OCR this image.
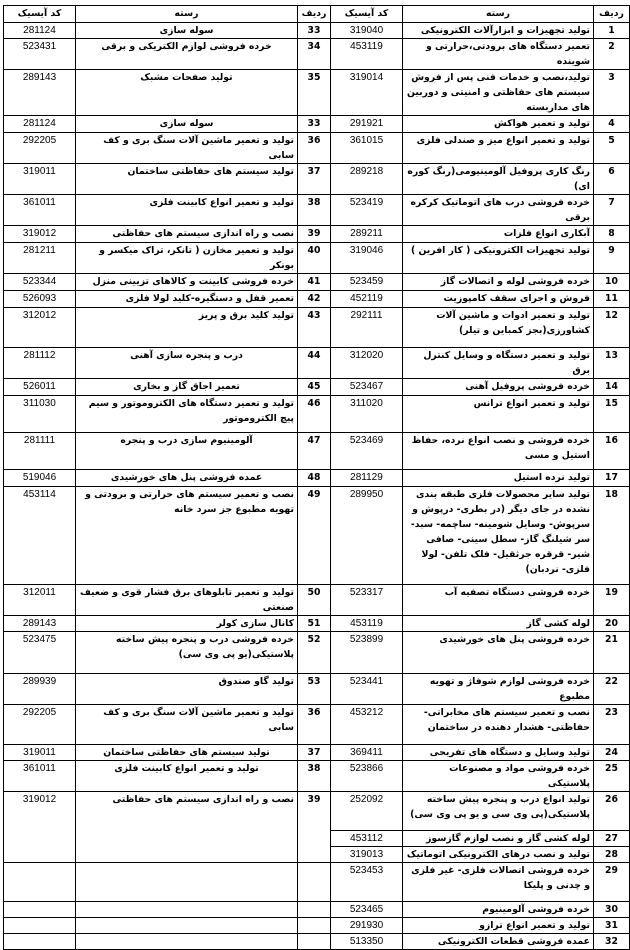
کد آیسیک	رسته	ردیف	کد آیسیک	رسته	ردیف
281124	سوله سازی	33	319040	تولید تجهیزات و ابزارآلات الکترونیکی	1
523431	خرده فروشی لوازم الکتریکی و برقی	34	453119	تعمیر دستگاه های برودتی،حرارتی و شوینده	2
289143	تولید صفحات مشبک	35	319014	تولید،نصب و خدمات فنی پس از فروش سیستم های حفاظتی و امنیتی و دوربین های مداربسته	3
281124	سوله سازی	33	291921	تولید و تعمیر هواکش	4
292205	تولید و تعمیر ماشین آلات سنگ بری و کف سابی	36	361015	تولید و تعمیر انواع میز و صندلی فلزی	5
319011	تولید سیستم های حفاظتی ساختمان	37	289218	رنگ کاری پروفیل آلومینیومی(رنگ کوره ای)	6
361011	تولید و تعمیر انواع کابینت فلزی	38	523419	خرده فروشی درب های اتوماتیک کرکره برقی	7
319012	نصب و راه اندازی سیستم های حفاظتی	39	289211	آبکاری انواع فلزات	8
281211	تولید و تعمیر مخازن ( تانکر، تراک میکسر و بونکر	40	319046	تولید تجهیزات الکترونیکی ( کار افرین )	9
523344	خرده فروشی کابینت و کالاهای تزیینی منزل	41	523459	خرده فروشی لوله و اتصالات گاز	10
526093	تعمیر قفل و دستگیره-کلید لولا فلزی	42	452119	فروش و اجرای سقف کامپوزیت	11
312012	تولید کلید برق و پریز	43	292111	تولید و تعمیر ادوات و ماشین آلات کشاورزی(بجز کمباین و تیلر)	12
281112	درب و پنجره سازی آهنی	44	312020	تولید و تعمیر دستگاه و وسایل کنترل برق	13
526011	تعمیر اجاق گاز و بخاری	45	523467	خرده فروشی پروفیل آهنی	14
311030	تولید و تعمیر دستگاه های الکتروموتور و سیم پیچ الکتروموتور	46	311020	تولید و تعمیر انواع ترانس	15
281111	آلومینیوم سازی درب و پنجره	47	523469	خرده فروشی و نصب انواع نرده، حفاظ استیل و مسی	16
519046	عمده فروشی پنل های خورشیدی	48	281129	تولید نرده استیل	17
453114	نصب و تعمیر سیستم های حرارتی و برودتی و تهویه مطبوع جز سرد خانه	49	289950	تولید سایر محصولات فلزی طبقه بندی نشده در جای دیگر (در بطری- درپوش و سرپوش- وسایل شومینه- ساچمه- سبد- سر شیلنگ گاز- سطل سینی- صافی شیر- قرقره جرثقیل- فلک تلفن- لولا فلزی- نردبان)	18
312011	تولید و تعمیر تابلوهای برق فشار قوی و ضعیف صنعتی	50	523317	خرده فروشی دستگاه تصفیه آب	19
289143	کانال سازی کولر	51	453119	لوله کشی گاز	20
523475	خرده فروشی درب و پنجره پیش ساخته پلاستیکی(یو پی وی سی)	52	523899	خرده فروشی پنل های خورشیدی	21
289939	تولید گاو صندوق	53	523441	خرده فروشی لوازم شوفاژ و تهویه مطبوع	22
292205	تولید و تعمیر ماشین آلات سنگ بری و کف سابی	36	453212	نصب و تعمیر سیستم های مخابراتی- حفاظتی- هشدار دهنده در ساختمان	23
319011	تولید سیستم های حفاظتی ساختمان	37	369411	تولید وسایل و دستگاه های تفریحی	24
361011	تولید و تعمیر انواع کابینت فلزی	38	523866	خرده فروشی مواد و مصنوعات پلاستیکی	25
319012	نصب و راه اندازی سیستم های حفاظتی	39	252092	تولید انواع درب و پنجره پیش ساخته پلاستیکی(پی وی سی و یو پی وی سی)	26
			453112	لوله کشی گاز و نصب لوازم گازسوز	27
			319013	تولید و نصب درهای الکترونیکی اتوماتیک	28
			523453	خرده فروشی اتصالات فلزی- غیر فلزی و چدنی و پلیکا	29
			523465	خرده فروشی آلومینیوم	30
			291930	تولید و تعمیر انواع ترازو	31
			513350	عمده فروشی قطعات الکترونیکی	32
